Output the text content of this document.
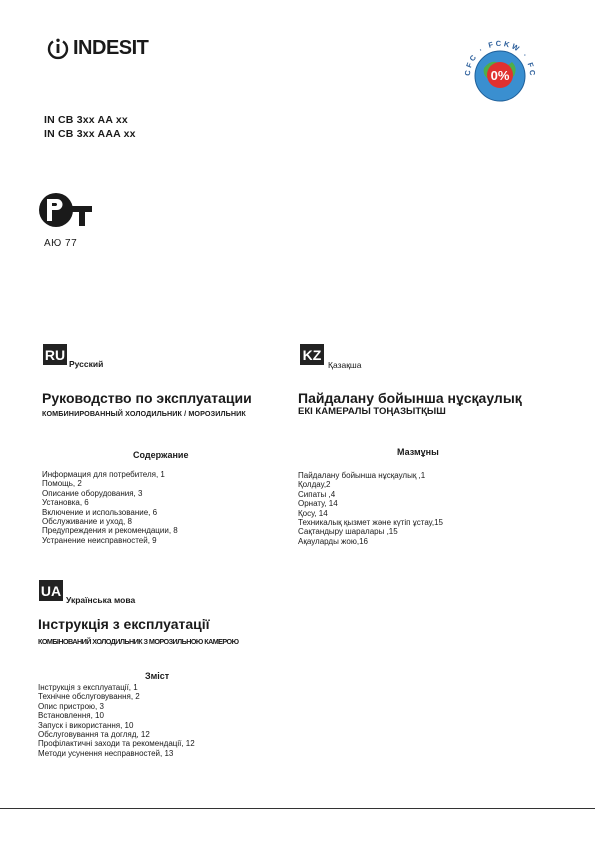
INDESIT
0%
CFC · FCKW · FC
IN CB 3xx AA xx
IN CB 3xx AAA xx
AЮ 77
RU
Русский
Руководство по эксплуатации
КОМБИНИРОВАННЫЙ ХОЛОДИЛЬНИК / МОРОЗИЛЬНИК
Содержание
Информация для потребителя, 1
Помощь, 2
Описание оборудования, 3
Установка, 6
Включение и использование, 6
Обслуживание и уход, 8
Предупреждения и рекомендации, 8
Устранение неисправностей, 9
KZ
Қазақша
Пайдалану бойынша нұсқаулық
ЕКІ КАМЕРАЛЫ ТОҢАЗЫТҚЫШ
Мазмұны
Пайдалану бойынша нұсқаулық ,1
Қолдау,2
Сипаты ,4
Орнату, 14
Қосу, 14
Техникалық қызмет және күтіп ұстау,15
Сақтандыру шаралары ,15
Ақауларды жою,16
UA
Українська мова
Інструкція з експлуатації
КОМБІНОВАНИЙ ХОЛОДИЛЬНИК З МОРОЗИЛЬНОЮ КАМЕРОЮ
Зміст
Інструкція з експлуатації, 1
Технічне обслуговування, 2
Опис пристрою, 3
Встановлення, 10
Запуск і використання, 10
Обслуговування та догляд, 12
Профілактичні заходи та рекомендації, 12
Методи усунення несправностей, 13
